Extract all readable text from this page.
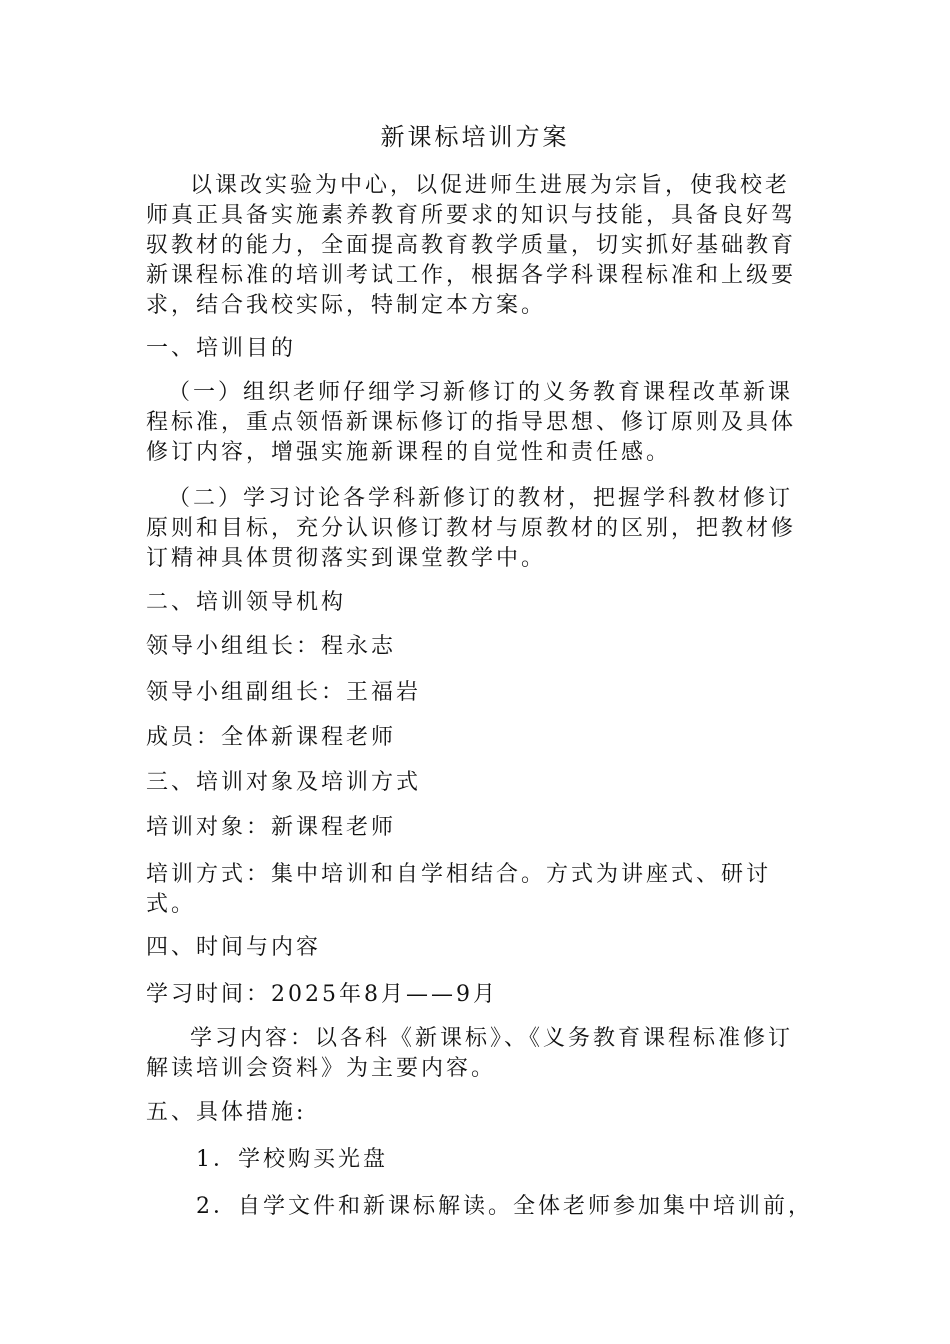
新课标培训方案
以课改实验为中心，以促进师生进展为宗旨，使我校老师真正具备实施素养教育所要求的知识与技能，具备良好驾驭教材的能力，全面提高教育教学质量，切实抓好基础教育新课程标准的培训考试工作，根据各学科课程标准和上级要求，结合我校实际，特制定本方案。
一、培训目的
（一）组织老师仔细学习新修订的义务教育课程改革新课程标准，重点领悟新课标修订的指导思想、修订原则及具体修订内容，增强实施新课程的自觉性和责任感。
（二）学习讨论各学科新修订的教材，把握学科教材修订原则和目标，充分认识修订教材与原教材的区别，把教材修订精神具体贯彻落实到课堂教学中。
二、培训领导机构
领导小组组长：程永志
领导小组副组长：王福岩
成员：全体新课程老师
三、培训对象及培训方式
培训对象：新课程老师
培训方式：集中培训和自学相结合。方式为讲座式、研讨式。
四、时间与内容
学习时间：2025年8月——9月
学习内容：以各科《新课标》、《义务教育课程标准修订解读培训会资料》为主要内容。
五、具体措施:
1．学校购买光盘
2．自学文件和新课标解读。全体老师参加集中培训前，
